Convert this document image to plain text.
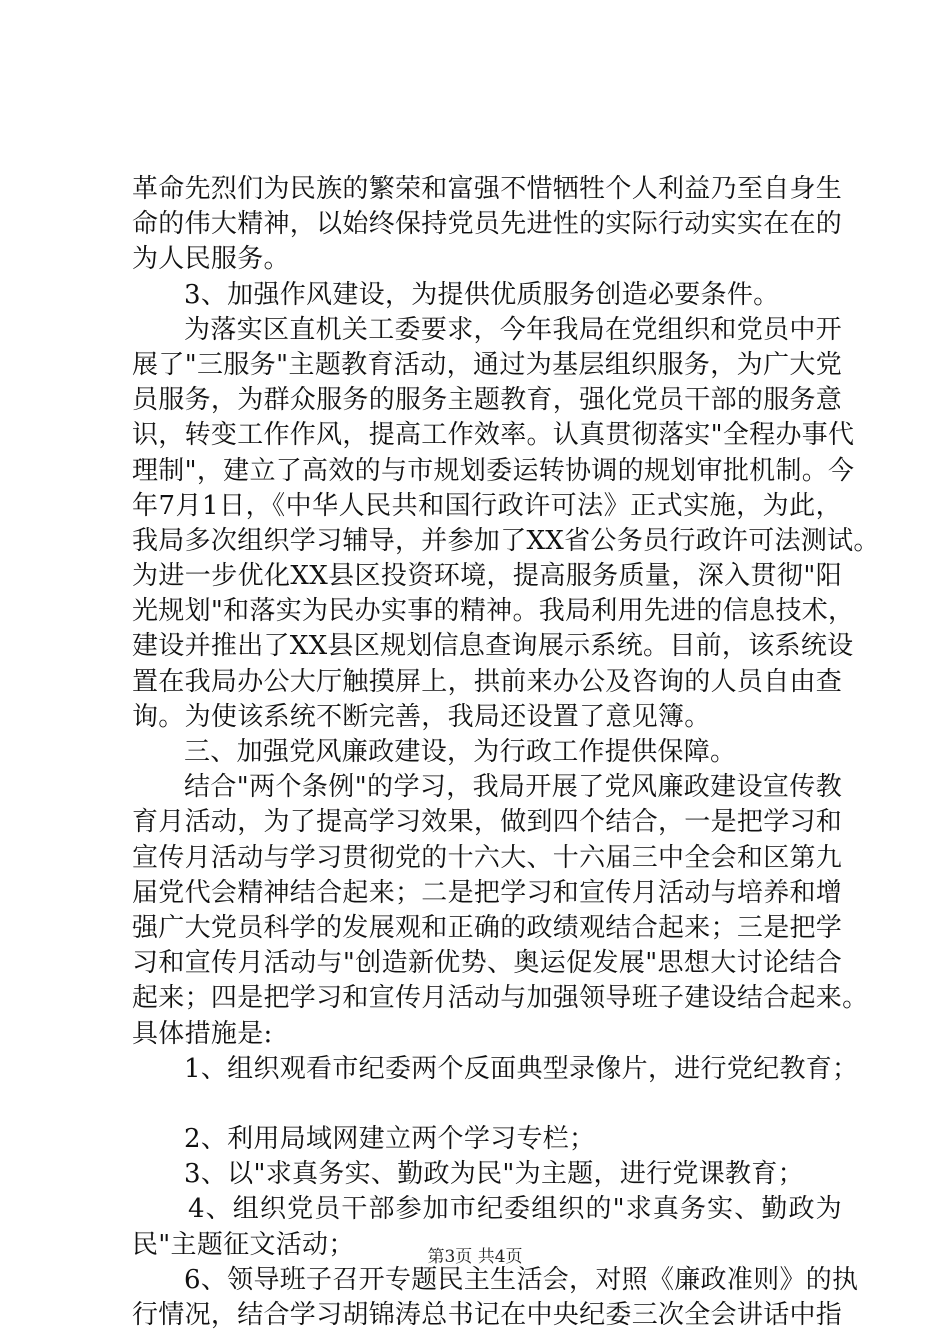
革命先烈们为民族的繁荣和富强不惜牺牲个人利益乃至自身生
命的伟大精神，以始终保持党员先进性的实际行动实实在在的
为人民服务。
3、加强作风建设，为提供优质服务创造必要条件。
为落实区直机关工委要求，今年我局在党组织和党员中开
展了"三服务"主题教育活动，通过为基层组织服务，为广大党
员服务，为群众服务的服务主题教育，强化党员干部的服务意
识，转变工作作风，提高工作效率。认真贯彻落实"全程办事代
理制"，建立了高效的与市规划委运转协调的规划审批机制。今
年7月1日，《中华人民共和国行政许可法》正式实施，为此，
我局多次组织学习辅导，并参加了XX省公务员行政许可法测试。
为进一步优化XX县区投资环境，提高服务质量，深入贯彻"阳
光规划"和落实为民办实事的精神。我局利用先进的信息技术，
建设并推出了XX县区规划信息查询展示系统。目前，该系统设
置在我局办公大厅触摸屏上，拱前来办公及咨询的人员自由查
询。为使该系统不断完善，我局还设置了意见簿。
三、加强党风廉政建设，为行政工作提供保障。
结合"两个条例"的学习，我局开展了党风廉政建设宣传教
育月活动，为了提高学习效果，做到四个结合，一是把学习和
宣传月活动与学习贯彻党的十六大、十六届三中全会和区第九
届党代会精神结合起来；二是把学习和宣传月活动与培养和增
强广大党员科学的发展观和正确的政绩观结合起来；三是把学
习和宣传月活动与"创造新优势、奥运促发展"思想大讨论结合
起来；四是把学习和宣传月活动与加强领导班子建设结合起来。
具体措施是:
1、组织观看市纪委两个反面典型录像片，进行党纪教育；
2、利用局域网建立两个学习专栏；
3、以"求真务实、勤政为民"为主题，进行党课教育；
4、组织党员干部参加市纪委组织的"求真务实、勤政为
民"主题征文活动；
6、领导班子召开专题民主生活会，对照《廉政准则》的执
行情况，结合学习胡锦涛总书记在中央纪委三次全会讲话中指
第3页 共4页
